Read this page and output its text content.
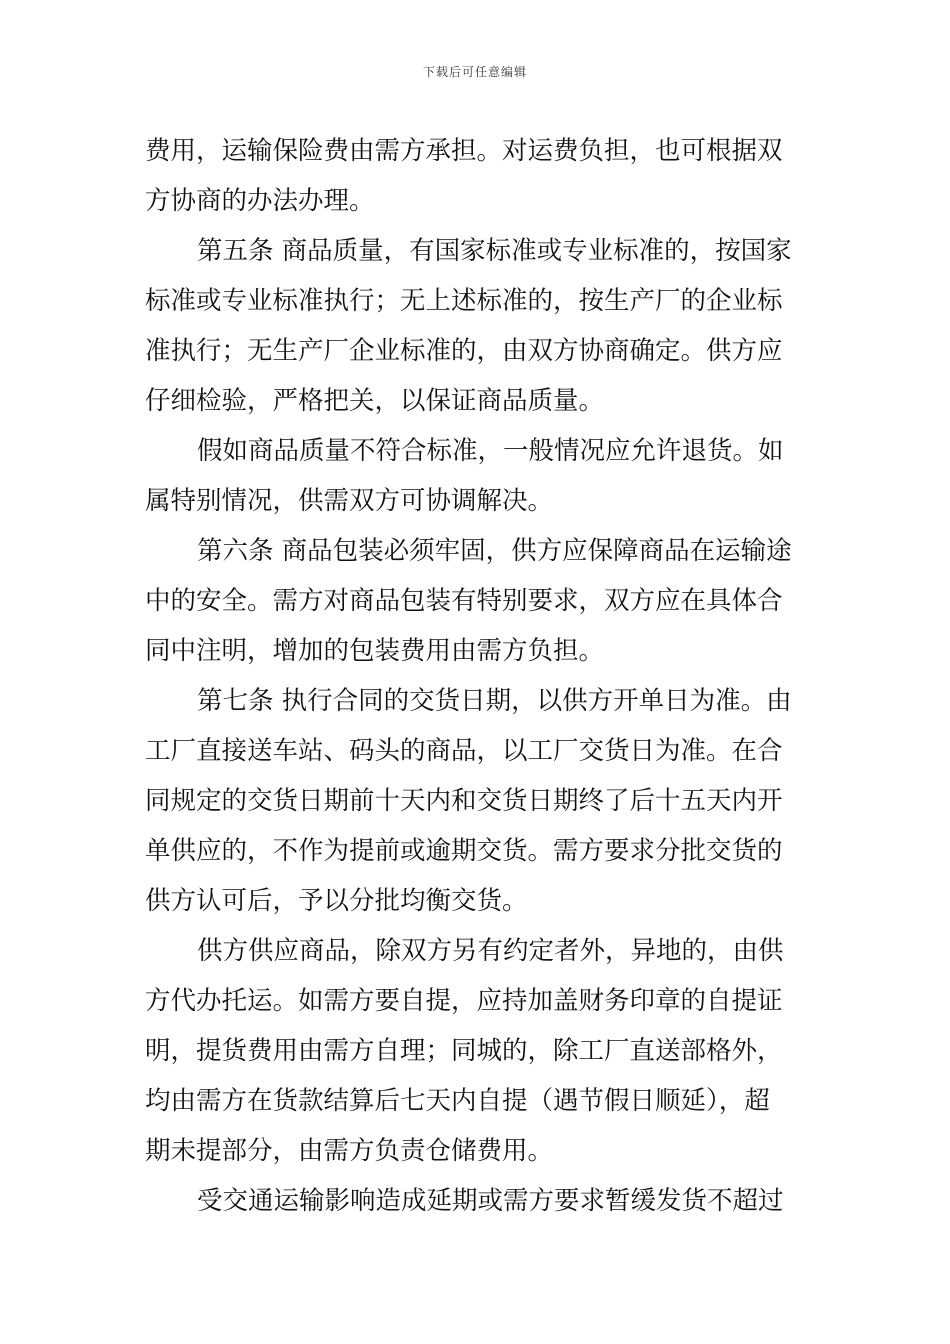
下载后可任意编辑
费用，运输保险费由需方承担。对运费负担，也可根据双
方协商的办法办理。
第五条 商品质量，有国家标准或专业标准的，按国家
标准或专业标准执行；无上述标准的，按生产厂的企业标
准执行；无生产厂企业标准的，由双方协商确定。供方应
仔细检验，严格把关，以保证商品质量。
假如商品质量不符合标准，一般情况应允许退货。如
属特别情况，供需双方可协调解决。
第六条 商品包装必须牢固，供方应保障商品在运输途
中的安全。需方对商品包装有特别要求，双方应在具体合
同中注明，增加的包装费用由需方负担。
第七条 执行合同的交货日期，以供方开单日为准。由
工厂直接送车站、码头的商品，以工厂交货日为准。在合
同规定的交货日期前十天内和交货日期终了后十五天内开
单供应的，不作为提前或逾期交货。需方要求分批交货的
供方认可后，予以分批均衡交货。
供方供应商品，除双方另有约定者外，异地的，由供
方代办托运。如需方要自提，应持加盖财务印章的自提证
明，提货费用由需方自理；同城的，除工厂直送部格外，
均由需方在货款结算后七天内自提（遇节假日顺延），超
期未提部分，由需方负责仓储费用。
受交通运输影响造成延期或需方要求暂缓发货不超过
